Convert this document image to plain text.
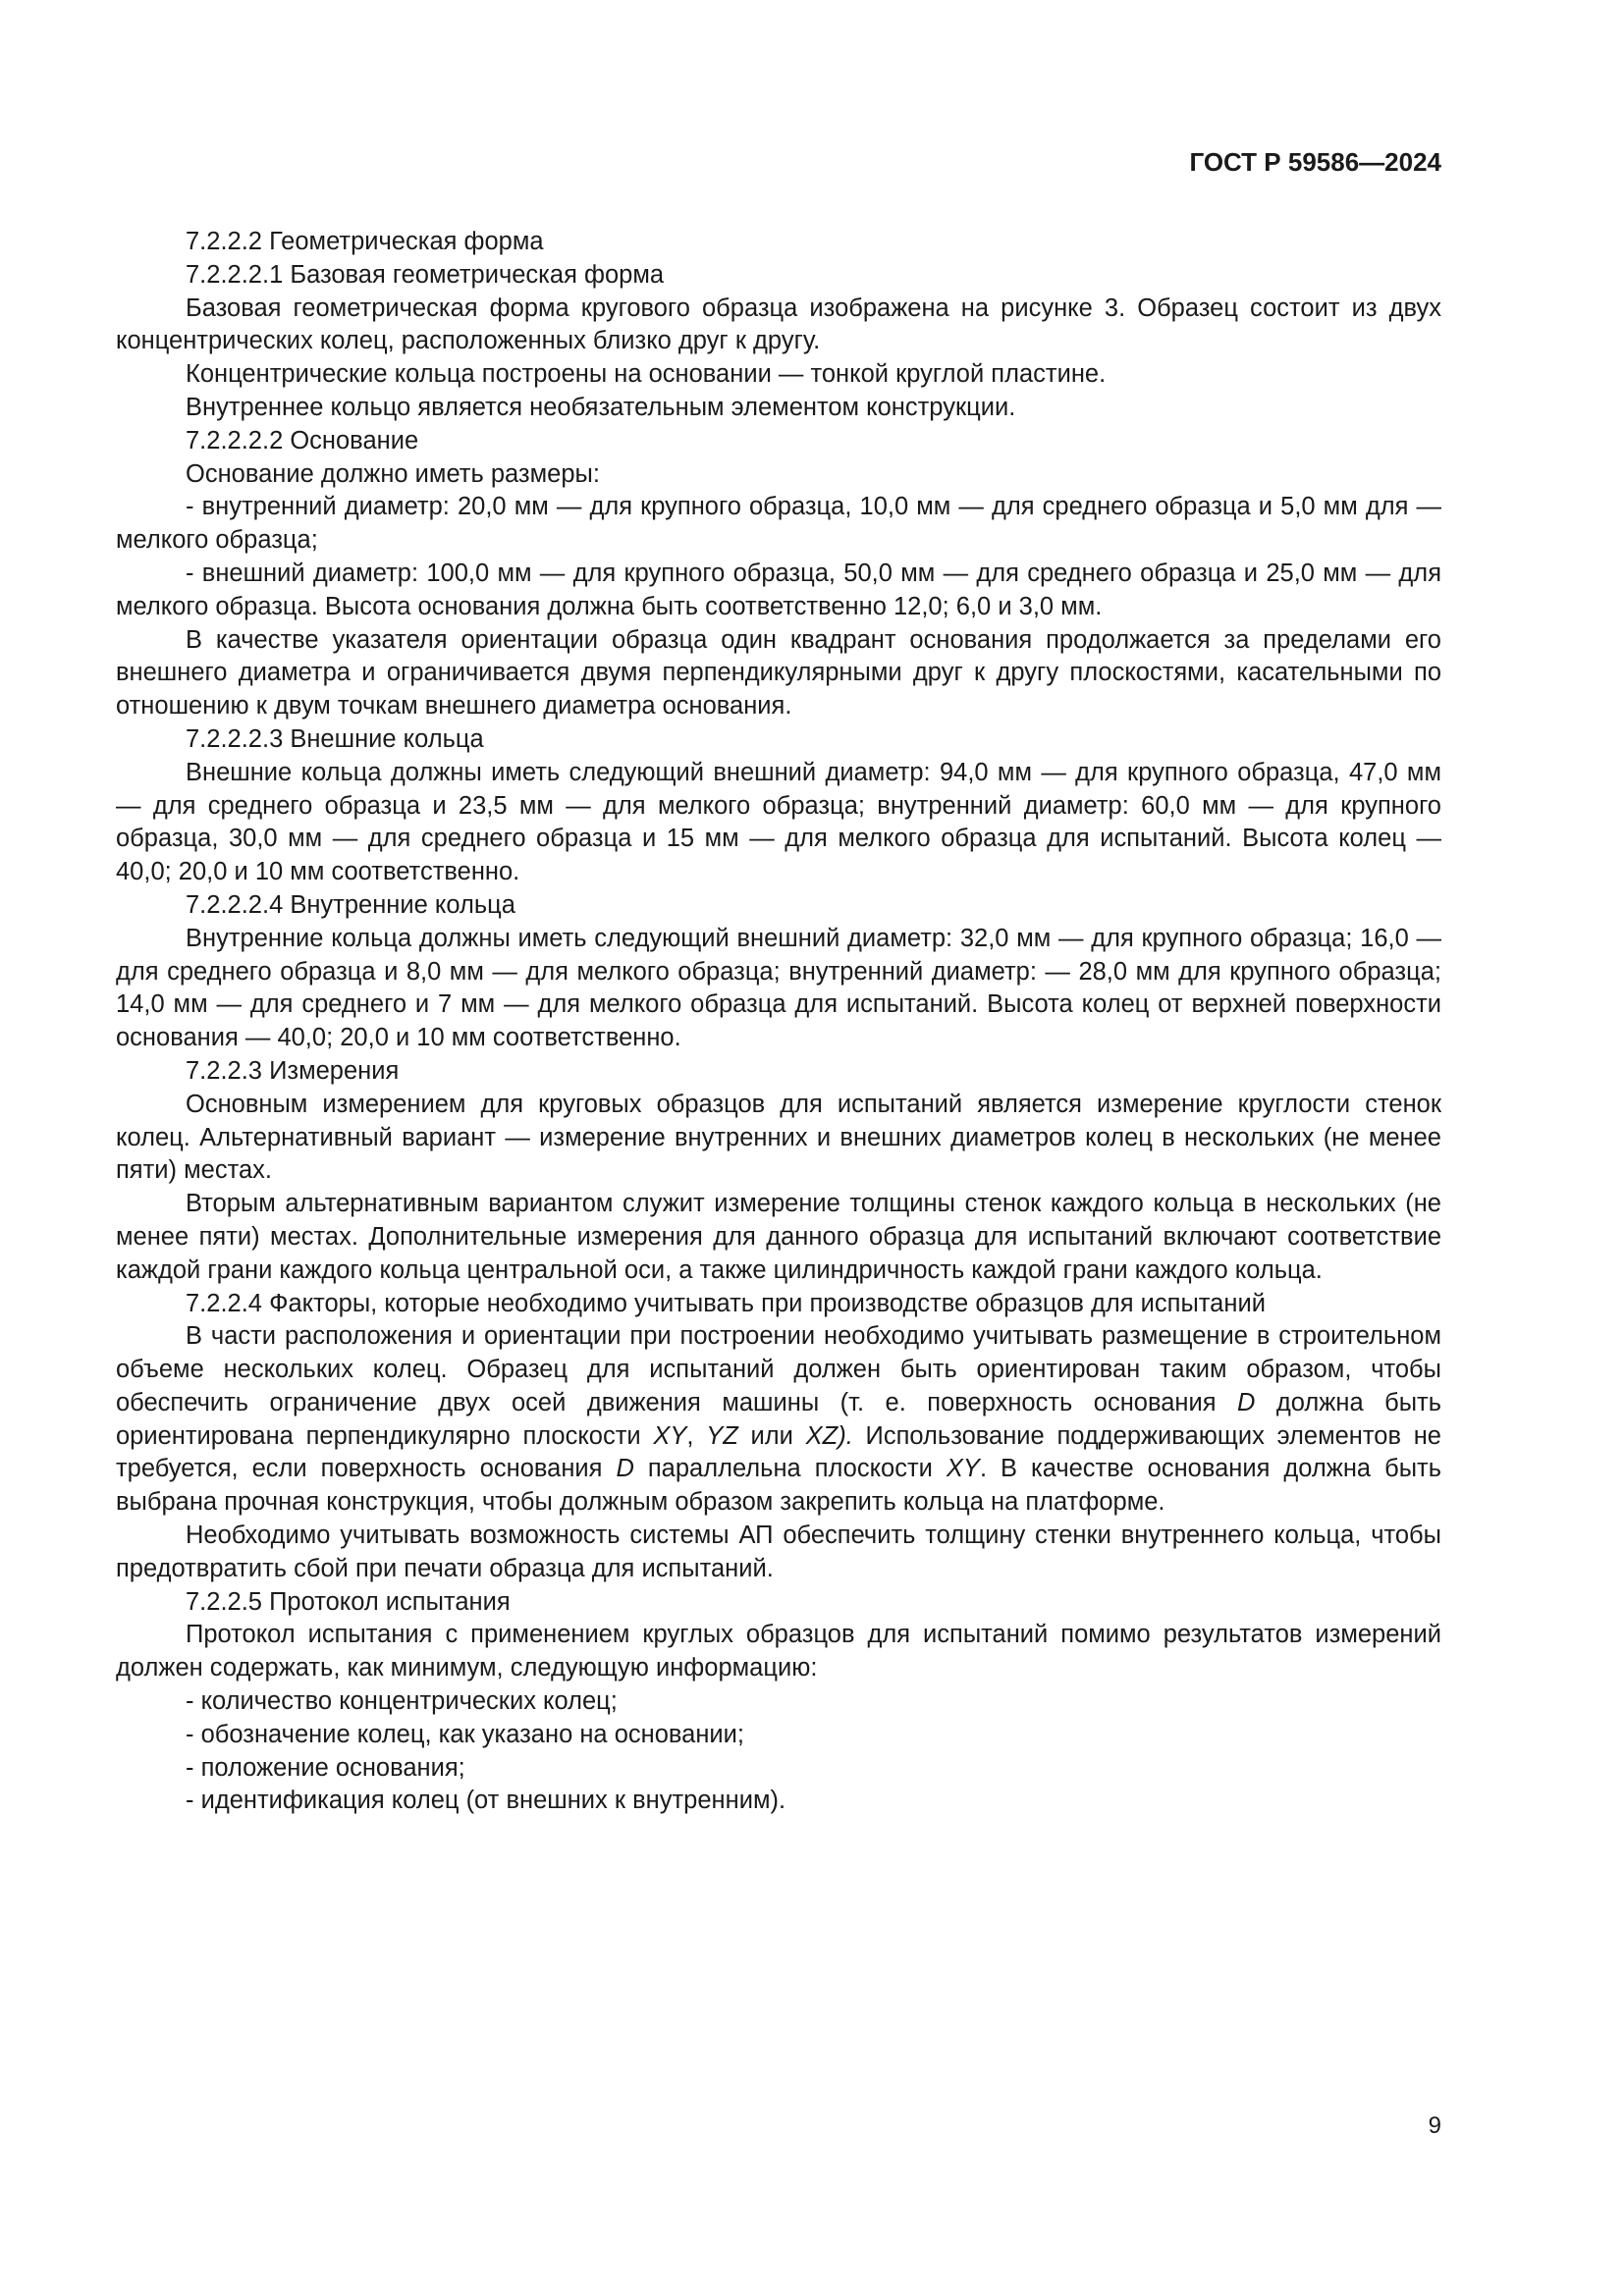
ГОСТ Р 59586—2024

7.2.2.2 Геометрическая форма

7.2.2.2.1 Базовая геометрическая форма

Базовая геометрическая форма кругового образца изображена на рисунке 3. Образец состоит из двух концентрических колец, расположенных близко друг к другу.

Концентрические кольца построены на основании — тонкой круглой пластине.

Внутреннее кольцо является необязательным элементом конструкции.

7.2.2.2.2 Основание

Основание должно иметь размеры:

- внутренний диаметр: 20,0 мм — для крупного образца, 10,0 мм — для среднего образца и 5,0 мм для — мелкого образца;

- внешний диаметр: 100,0 мм — для крупного образца, 50,0 мм — для среднего образца и 25,0 мм — для мелкого образца. Высота основания должна быть соответственно 12,0; 6,0 и 3,0 мм.

В качестве указателя ориентации образца один квадрант основания продолжается за пределами его внешнего диаметра и ограничивается двумя перпендикулярными друг к другу плоскостями, касательными по отношению к двум точкам внешнего диаметра основания.

7.2.2.2.3 Внешние кольца

Внешние кольца должны иметь следующий внешний диаметр: 94,0 мм — для крупного образца, 47,0 мм — для среднего образца и 23,5 мм — для мелкого образца; внутренний диаметр: 60,0 мм — для крупного образца, 30,0 мм — для среднего образца и 15 мм — для мелкого образца для испытаний. Высота колец — 40,0; 20,0 и 10 мм соответственно.

7.2.2.2.4 Внутренние кольца

Внутренние кольца должны иметь следующий внешний диаметр: 32,0 мм — для крупного образца; 16,0 — для среднего образца и 8,0 мм — для мелкого образца; внутренний диаметр: — 28,0 мм для крупного образца; 14,0 мм — для среднего и 7 мм — для мелкого образца для испытаний. Высота колец от верхней поверхности основания — 40,0; 20,0 и 10 мм соответственно.

7.2.2.3 Измерения

Основным измерением для круговых образцов для испытаний является измерение круглости стенок колец. Альтернативный вариант — измерение внутренних и внешних диаметров колец в нескольких (не менее пяти) местах.

Вторым альтернативным вариантом служит измерение толщины стенок каждого кольца в нескольких (не менее пяти) местах. Дополнительные измерения для данного образца для испытаний включают соответствие каждой грани каждого кольца центральной оси, а также цилиндричность каждой грани каждого кольца.

7.2.2.4 Факторы, которые необходимо учитывать при производстве образцов для испытаний

В части расположения и ориентации при построении необходимо учитывать размещение в строительном объеме нескольких колец. Образец для испытаний должен быть ориентирован таким образом, чтобы обеспечить ограничение двух осей движения машины (т. е. поверхность основания D должна быть ориентирована перпендикулярно плоскости XY, YZ или XZ). Использование поддерживающих элементов не требуется, если поверхность основания D параллельна плоскости XY. В качестве основания должна быть выбрана прочная конструкция, чтобы должным образом закрепить кольца на платформе.

Необходимо учитывать возможность системы АП обеспечить толщину стенки внутреннего кольца, чтобы предотвратить сбой при печати образца для испытаний.

7.2.2.5 Протокол испытания

Протокол испытания с применением круглых образцов для испытаний помимо результатов измерений должен содержать, как минимум, следующую информацию:

- количество концентрических колец;

- обозначение колец, как указано на основании;

- положение основания;

- идентификация колец (от внешних к внутренним).

9
